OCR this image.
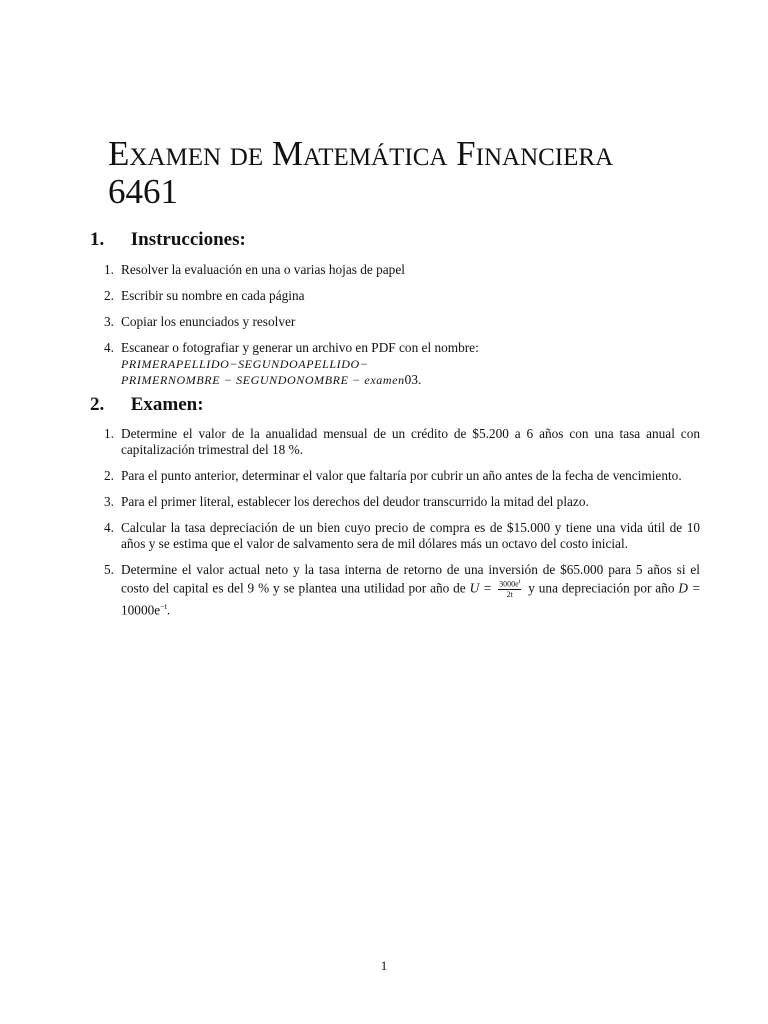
Examen de Matemática Financiera
6461
1. Instrucciones:
1. Resolver la evaluación en una o varias hojas de papel
2. Escribir su nombre en cada página
3. Copiar los enunciados y resolver
4. Escanear o fotografiar y generar un archivo en PDF con el nombre: PRIMERAPELLIDO−SEGUNDOAPELLIDO−
PRIMERNOMBRE − SEGUNDONOMBRE − examen03.
2. Examen:
1. Determine el valor de la anualidad mensual de un crédito de $5.200 a 6 años con una tasa anual con capitalización trimestral del 18 %.
2. Para el punto anterior, determinar el valor que faltaría por cubrir un año antes de la fecha de vencimiento.
3. Para el primer literal, establecer los derechos del deudor transcurrido la mitad del plazo.
4. Calcular la tasa depreciación de un bien cuyo precio de compra es de $15.000 y tiene una vida útil de 10 años y se estima que el valor de salvamento sera de mil dólares más un octavo del costo inicial.
5. Determine el valor actual neto y la tasa interna de retorno de una inversión de $65.000 para 5 años si el costo del capital es del 9 % y se plantea una utilidad por año de $U = \frac{3000e^t}{2t}$ y una depreciación por año $D = 10000e^{-t}$.
1
